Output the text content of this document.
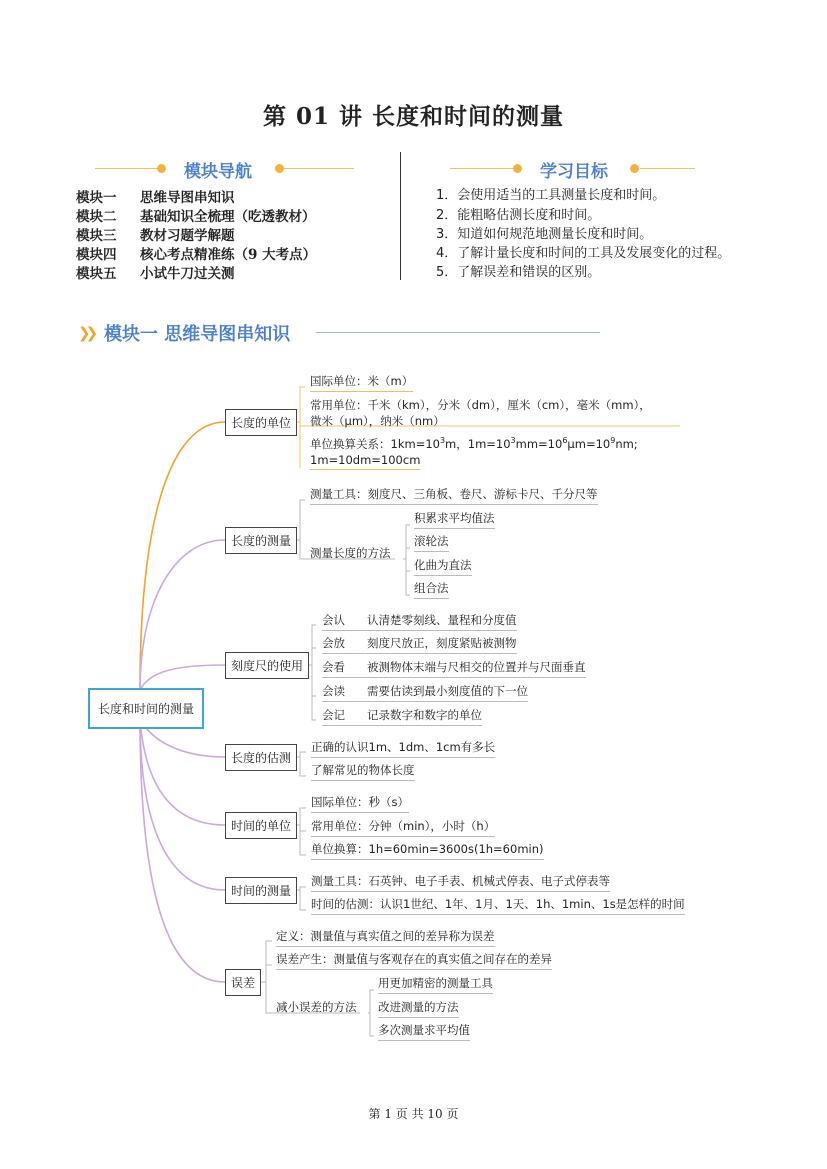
第 01 讲 长度和时间的测量
模块导航
模块一 思维导图串知识
模块二 基础知识全梳理（吃透教材）
模块三 教材习题学解题
模块四 核心考点精准练（9 大考点）
模块五 小试牛刀过关测
学习目标
1．会使用适当的工具测量长度和时间。
2．能粗略估测长度和时间。
3．知道如何规范地测量长度和时间。
4．了解计量长度和时间的工具及发展变化的过程。
5．了解误差和错误的区别。
❯❯ 模块一 思维导图串知识
长度和时间的测量
长度的单位
国际单位：米（m）
常用单位：千米（km），分米（dm），厘米（cm），毫米（mm），
微米（μm），纳米（nm）
单位换算关系：$1km=10^3m$，$1m=10^3mm=10^6\mu m=10^9nm$;
1m=10dm=100cm
长度的测量
测量工具：刻度尺、三角板、卷尺、游标卡尺、千分尺等
测量长度的方法
积累求平均值法
滚轮法
化曲为直法
组合法
刻度尺的使用
会认 认清楚零刻线、量程和分度值
会放 刻度尺放正，刻度紧贴被测物
会看 被测物体末端与尺相交的位置并与尺面垂直
会读 需要估读到最小刻度值的下一位
会记 记录数字和数字的单位
长度的估测
正确的认识1m、1dm、1cm有多长
了解常见的物体长度
时间的单位
国际单位：秒（s）
常用单位：分钟（min），小时（h）
单位换算：1h=60min=3600s(1h=60min)
时间的测量
测量工具：石英钟、电子手表、机械式停表、电子式停表等
时间的估测：认识1世纪、1年、1月、1天、1h、1min、1s是怎样的时间
误差
定义：测量值与真实值之间的差异称为误差
误差产生：测量值与客观存在的真实值之间存在的差异
减小误差的方法
用更加精密的测量工具
改进测量的方法
多次测量求平均值
第 1 页 共 10 页
